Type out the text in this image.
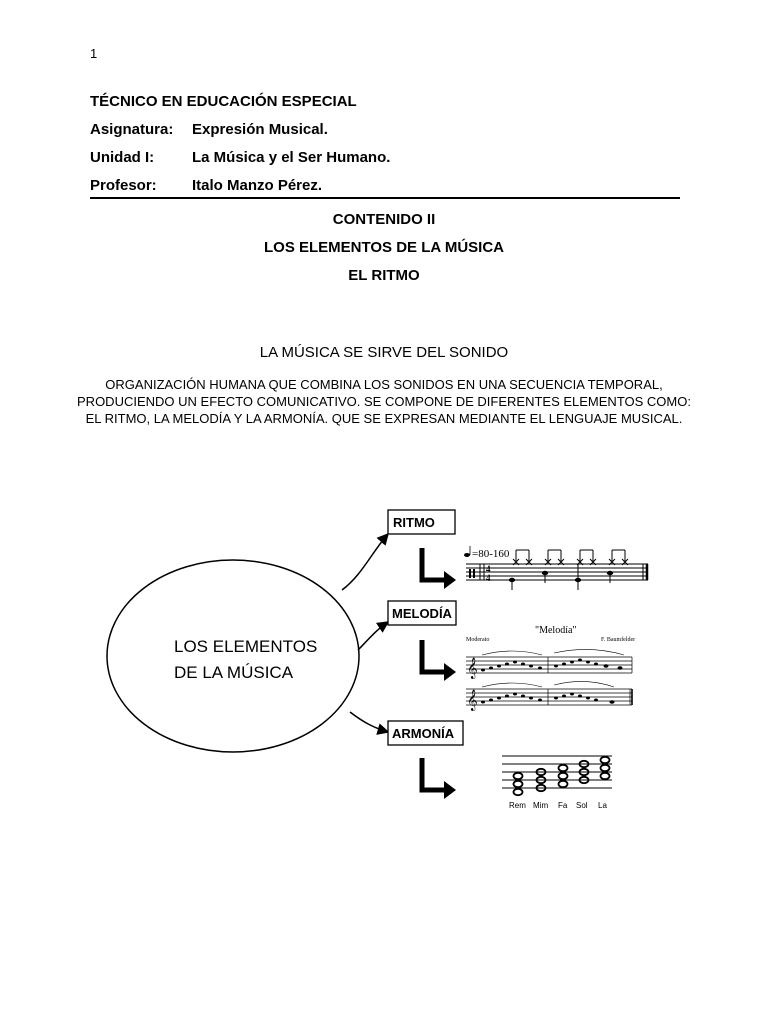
1
TÉCNICO EN EDUCACIÓN ESPECIAL
Asignatura: Expresión Musical.
Unidad I:	La Música y el Ser Humano.
Profesor: Italo Manzo Pérez.
CONTENIDO II
LOS ELEMENTOS DE LA MÚSICA
EL RITMO
LA MÚSICA SE SIRVE DEL SONIDO
ORGANIZACIÓN HUMANA QUE COMBINA LOS SONIDOS EN UNA SECUENCIA TEMPORAL,
PRODUCIENDO UN EFECTO COMUNICATIVO. SE COMPONE DE DIFERENTES ELEMENTOS COMO:
EL RITMO, LA MELODÍA Y LA ARMONÍA. QUE SE EXPRESAN MEDIANTE EL LENGUAJE MUSICAL.
LOS ELEMENTOS
DE LA MÚSICA
RITMO
MELODÍA
ARMONÍA
=80-160
4
4
"Melodía"
Moderato	F. Baumfelder
𝄞
𝄞
Rem Mim Fa Sol La
